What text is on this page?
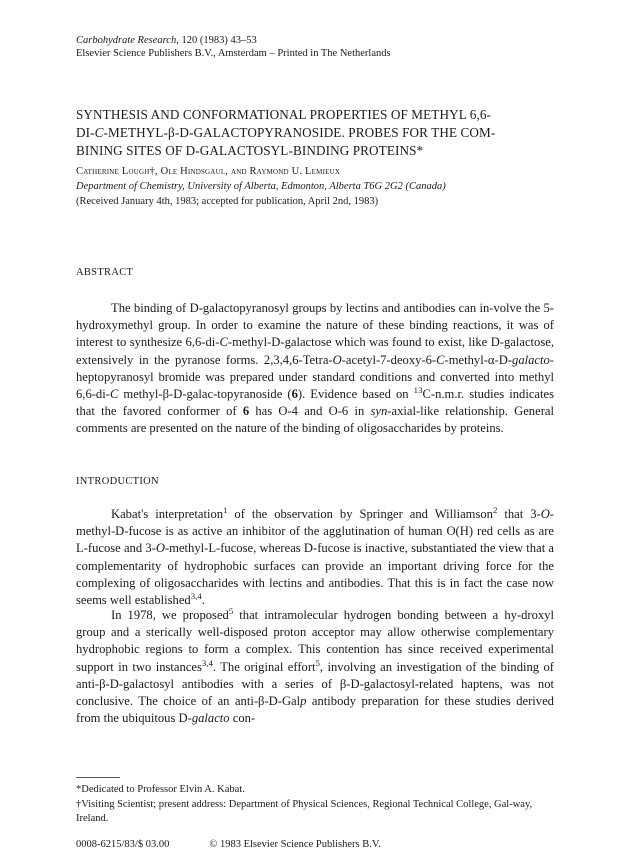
Carbohydrate Research, 120 (1983) 43–53
Elsevier Science Publishers B.V., Amsterdam – Printed in The Netherlands
SYNTHESIS AND CONFORMATIONAL PROPERTIES OF METHYL 6,6-
DI-C-METHYL-β-D-GALACTOPYRANOSIDE. PROBES FOR THE COM-
BINING SITES OF D-GALACTOSYL-BINDING PROTEINS*
Catherine Lough†, Ole Hindsgaul, and Raymond U. Lemieux
Department of Chemistry, University of Alberta, Edmonton, Alberta T6G 2G2 (Canada)
(Received January 4th, 1983; accepted for publication, April 2nd, 1983)
ABSTRACT

The binding of D-galactopyranosyl groups by lectins and antibodies can in-volve the 5-hydroxymethyl group. In order to examine the nature of these binding reactions, it was of interest to synthesize 6,6-di-C-methyl-D-galactose which was found to exist, like D-galactose, extensively in the pyranose forms. 2,3,4,6-Tetra-O-acetyl-7-deoxy-6-C-methyl-α-D-galacto-heptopyranosyl bromide was prepared under standard conditions and converted into methyl 6,6-di-C methyl-β-D-galac-topyranoside (6). Evidence based on $^{13}$C-n.m.r. studies indicates that the favored conformer of 6 has O-4 and O-6 in syn-axial-like relationship. General comments are presented on the nature of the binding of oligosaccharides by proteins.

INTRODUCTION

Kabat's interpretation$^1$ of the observation by Springer and Williamson$^2$ that 3-O-methyl-D-fucose is as active an inhibitor of the agglutination of human O(H) red cells as are L-fucose and 3-O-methyl-L-fucose, whereas D-fucose is inactive, substantiated the view that a complementarity of hydrophobic surfaces can provide an important driving force for the complexing of oligosaccharides with lectins and antibodies. That this is in fact the case now seems well established$^{3,4}$.

In 1978, we proposed$^5$ that intramolecular hydrogen bonding between a hy-droxyl group and a sterically well-disposed proton acceptor may allow otherwise complementary hydrophobic regions to form a complex. This contention has since received experimental support in two instances$^{3,4}$. The original effort$^5$, involving an investigation of the binding of anti-β-D-galactosyl antibodies with a series of β-D-galactosyl-related haptens, was not conclusive. The choice of an anti-β-D-Galp antibody preparation for these studies derived from the ubiquitous D-galacto con-

*Dedicated to Professor Elvin A. Kabat.
†Visiting Scientist; present address: Department of Physical Sciences, Regional Technical College, Gal-way, Ireland.
0008-6215/83/$ 03.00	© 1983 Elsevier Science Publishers B.V.
